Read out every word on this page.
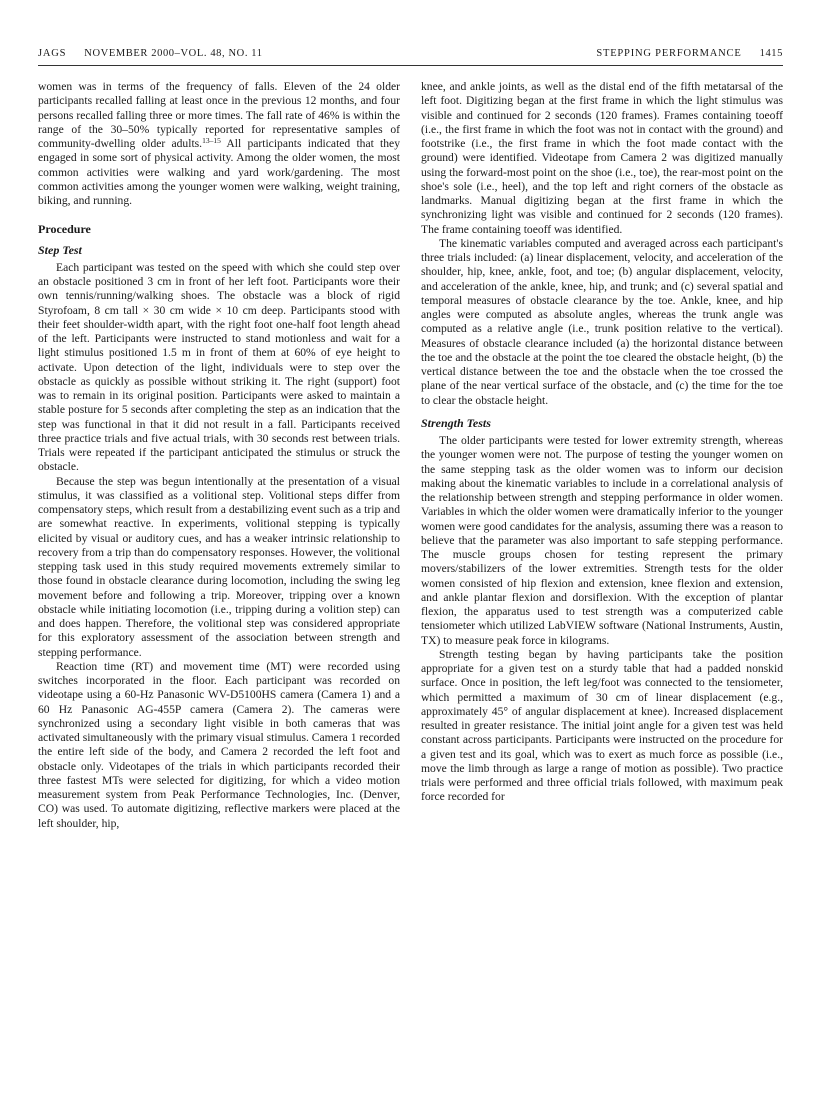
JAGS NOVEMBER 2000–VOL. 48, NO. 11	STEPPING PERFORMANCE 1415

women was in terms of the frequency of falls. Eleven of the 24 older participants recalled falling at least once in the previous 12 months, and four persons recalled falling three or more times. The fall rate of 46% is within the range of the 30–50% typically reported for representative samples of community-dwelling older adults.$^{13-15}$ All participants indicated that they engaged in some sort of physical activity. Among the older women, the most common activities were walking and yard work/gardening. The most common activities among the younger women were walking, weight training, biking, and running.

Procedure
Step Test

Each participant was tested on the speed with which she could step over an obstacle positioned 3 cm in front of her left foot. Participants wore their own tennis/running/walking shoes. The obstacle was a block of rigid Styrofoam, 8 cm tall × 30 cm wide × 10 cm deep. Participants stood with their feet shoulder-width apart, with the right foot one-half foot length ahead of the left. Participants were instructed to stand motionless and wait for a light stimulus positioned 1.5 m in front of them at 60% of eye height to activate. Upon detection of the light, individuals were to step over the obstacle as quickly as possible without striking it. The right (support) foot was to remain in its original position. Participants were asked to maintain a stable posture for 5 seconds after completing the step as an indication that the step was functional in that it did not result in a fall. Participants received three practice trials and five actual trials, with 30 seconds rest between trials. Trials were repeated if the participant anticipated the stimulus or struck the obstacle.

Because the step was begun intentionally at the presentation of a visual stimulus, it was classified as a volitional step. Volitional steps differ from compensatory steps, which result from a destabilizing event such as a trip and are somewhat reactive. In experiments, volitional stepping is typically elicited by visual or auditory cues, and has a weaker intrinsic relationship to recovery from a trip than do compensatory responses. However, the volitional stepping task used in this study required movements extremely similar to those found in obstacle clearance during locomotion, including the swing leg movement before and following a trip. Moreover, tripping over a known obstacle while initiating locomotion (i.e., tripping during a volition step) can and does happen. Therefore, the volitional step was considered appropriate for this exploratory assessment of the association between strength and stepping performance.

Reaction time (RT) and movement time (MT) were recorded using switches incorporated in the floor. Each participant was recorded on videotape using a 60-Hz Panasonic WV-D5100HS camera (Camera 1) and a 60 Hz Panasonic AG-455P camera (Camera 2). The cameras were synchronized using a secondary light visible in both cameras that was activated simultaneously with the primary visual stimulus. Camera 1 recorded the entire left side of the body, and Camera 2 recorded the left foot and obstacle only. Videotapes of the trials in which participants recorded their three fastest MTs were selected for digitizing, for which a video motion measurement system from Peak Performance Technologies, Inc. (Denver, CO) was used. To automate digitizing, reflective markers were placed at the left shoulder, hip,

knee, and ankle joints, as well as the distal end of the fifth metatarsal of the left foot. Digitizing began at the first frame in which the light stimulus was visible and continued for 2 seconds (120 frames). Frames containing toeoff (i.e., the first frame in which the foot was not in contact with the ground) and footstrike (i.e., the first frame in which the foot made contact with the ground) were identified. Videotape from Camera 2 was digitized manually using the forward-most point on the shoe (i.e., toe), the rear-most point on the shoe's sole (i.e., heel), and the top left and right corners of the obstacle as landmarks. Manual digitizing began at the first frame in which the synchronizing light was visible and continued for 2 seconds (120 frames). The frame containing toeoff was identified.

The kinematic variables computed and averaged across each participant's three trials included: (a) linear displacement, velocity, and acceleration of the shoulder, hip, knee, ankle, foot, and toe; (b) angular displacement, velocity, and acceleration of the ankle, knee, hip, and trunk; and (c) several spatial and temporal measures of obstacle clearance by the toe. Ankle, knee, and hip angles were computed as absolute angles, whereas the trunk angle was computed as a relative angle (i.e., trunk position relative to the vertical). Measures of obstacle clearance included (a) the horizontal distance between the toe and the obstacle at the point the toe cleared the obstacle height, (b) the vertical distance between the toe and the obstacle when the toe crossed the plane of the near vertical surface of the obstacle, and (c) the time for the toe to clear the obstacle height.

Strength Tests

The older participants were tested for lower extremity strength, whereas the younger women were not. The purpose of testing the younger women on the same stepping task as the older women was to inform our decision making about the kinematic variables to include in a correlational analysis of the relationship between strength and stepping performance in older women. Variables in which the older women were dramatically inferior to the younger women were good candidates for the analysis, assuming there was a reason to believe that the parameter was also important to safe stepping performance. The muscle groups chosen for testing represent the primary movers/stabilizers of the lower extremities. Strength tests for the older women consisted of hip flexion and extension, knee flexion and extension, and ankle plantar flexion and dorsiflexion. With the exception of plantar flexion, the apparatus used to test strength was a computerized cable tensiometer which utilized LabVIEW software (National Instruments, Austin, TX) to measure peak force in kilograms.

Strength testing began by having participants take the position appropriate for a given test on a sturdy table that had a padded nonskid surface. Once in position, the left leg/foot was connected to the tensiometer, which permitted a maximum of 30 cm of linear displacement (e.g., approximately 45° of angular displacement at knee). Increased displacement resulted in greater resistance. The initial joint angle for a given test was held constant across participants. Participants were instructed on the procedure for a given test and its goal, which was to exert as much force as possible (i.e., move the limb through as large a range of motion as possible). Two practice trials were performed and three official trials followed, with maximum peak force recorded for
